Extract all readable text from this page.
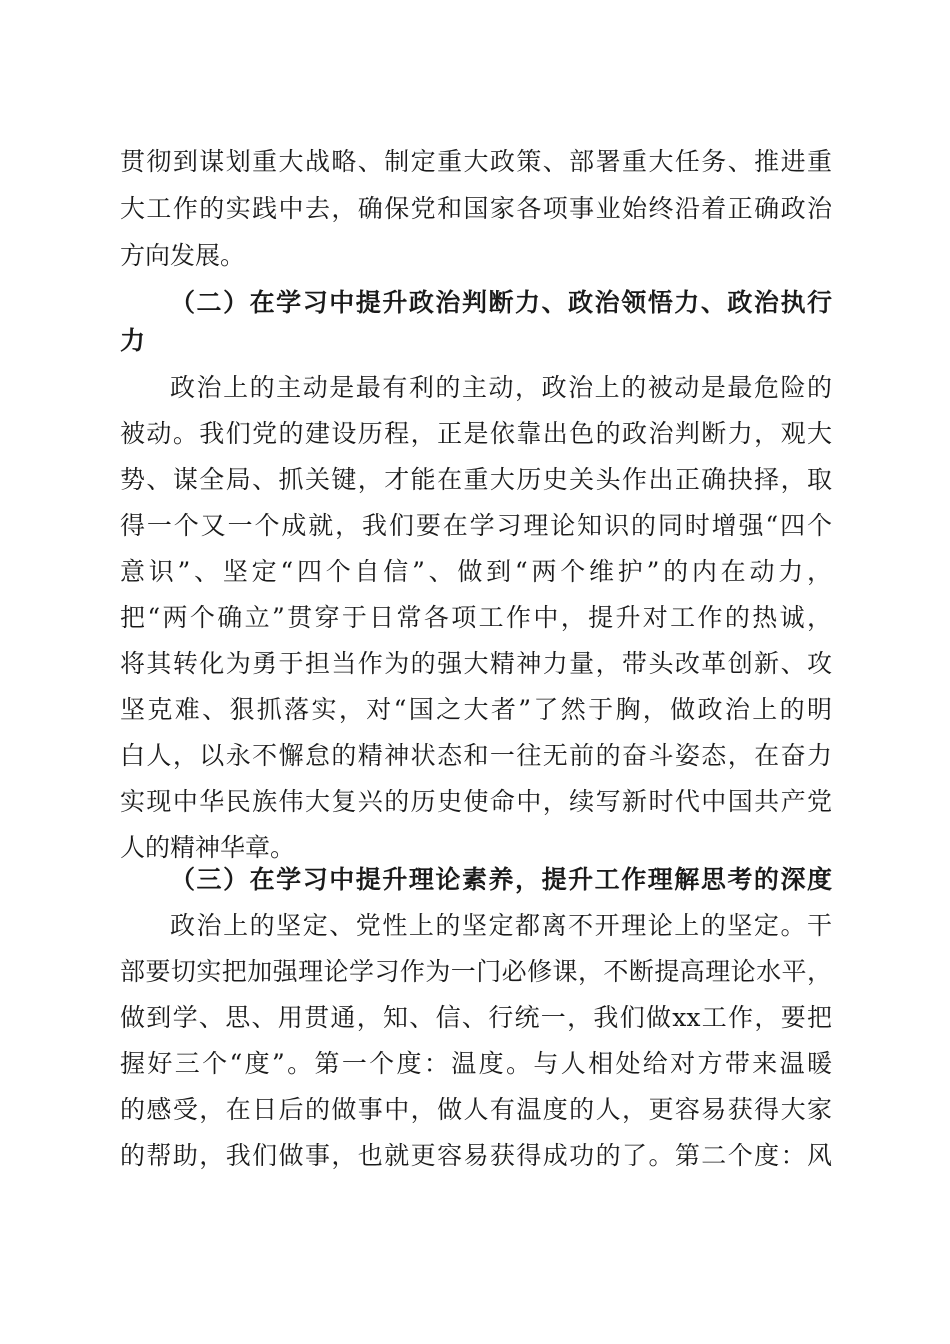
贯彻到谋划重大战略、制定重大政策、部署重大任务、推进重
大工作的实践中去，确保党和国家各项事业始终沿着正确政治
方向发展。
（二）在学习中提升政治判断力、政治领悟力、政治执行
力
政治上的主动是最有利的主动，政治上的被动是最危险的
被动。我们党的建设历程，正是依靠出色的政治判断力，观大
势、谋全局、抓关键，才能在重大历史关头作出正确抉择，取
得一个又一个成就，我们要在学习理论知识的同时增强“四个
意识”、坚定“四个自信”、做到“两个维护”的内在动力，
把“两个确立”贯穿于日常各项工作中，提升对工作的热诚，
将其转化为勇于担当作为的强大精神力量，带头改革创新、攻
坚克难、狠抓落实，对“国之大者”了然于胸，做政治上的明
白人，以永不懈怠的精神状态和一往无前的奋斗姿态，在奋力
实现中华民族伟大复兴的历史使命中，续写新时代中国共产党
人的精神华章。
（三）在学习中提升理论素养，提升工作理解思考的深度
政治上的坚定、党性上的坚定都离不开理论上的坚定。干
部要切实把加强理论学习作为一门必修课，不断提高理论水平，
做到学、思、用贯通，知、信、行统一，我们做xx工作，要把
握好三个“度”。第一个度：温度。与人相处给对方带来温暖
的感受，在日后的做事中，做人有温度的人，更容易获得大家
的帮助，我们做事，也就更容易获得成功的了。第二个度：风
